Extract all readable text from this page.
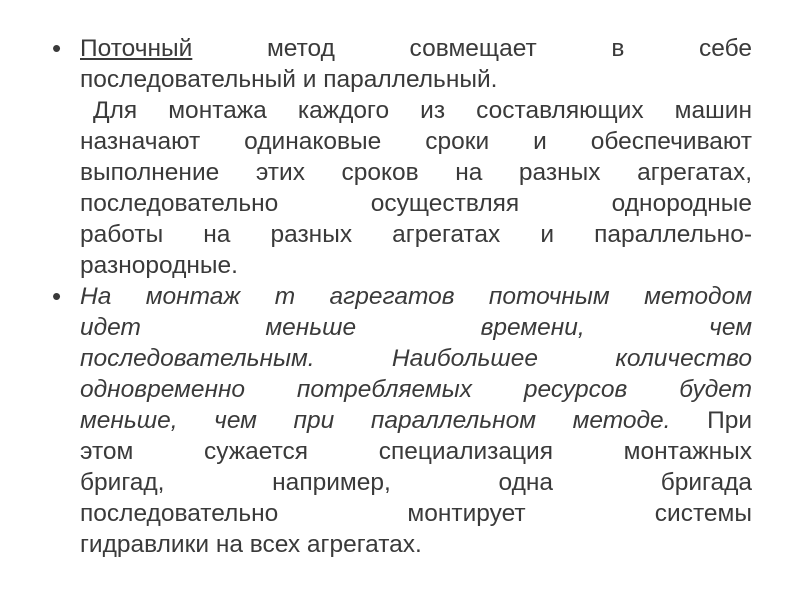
• Поточный	метод совмещает в себе
последовательный и параллельный.
Для монтажа каждого из составляющих машин
назначают одинаковые сроки и обеспечивают
выполнение этих сроков на разных агрегатах,
последовательно осуществляя однородные
работы на разных агрегатах и параллельно-
разнородные.
• На монтаж m агрегатов поточным методом
идет меньше времени, чем
последовательным. Наибольшее количество
одновременно потребляемых ресурсов будет
меньше, чем при параллельном методе. При
этом сужается специализация монтажных
бригад, например, одна бригада
последовательно монтирует системы
гидравлики на всех агрегатах.
